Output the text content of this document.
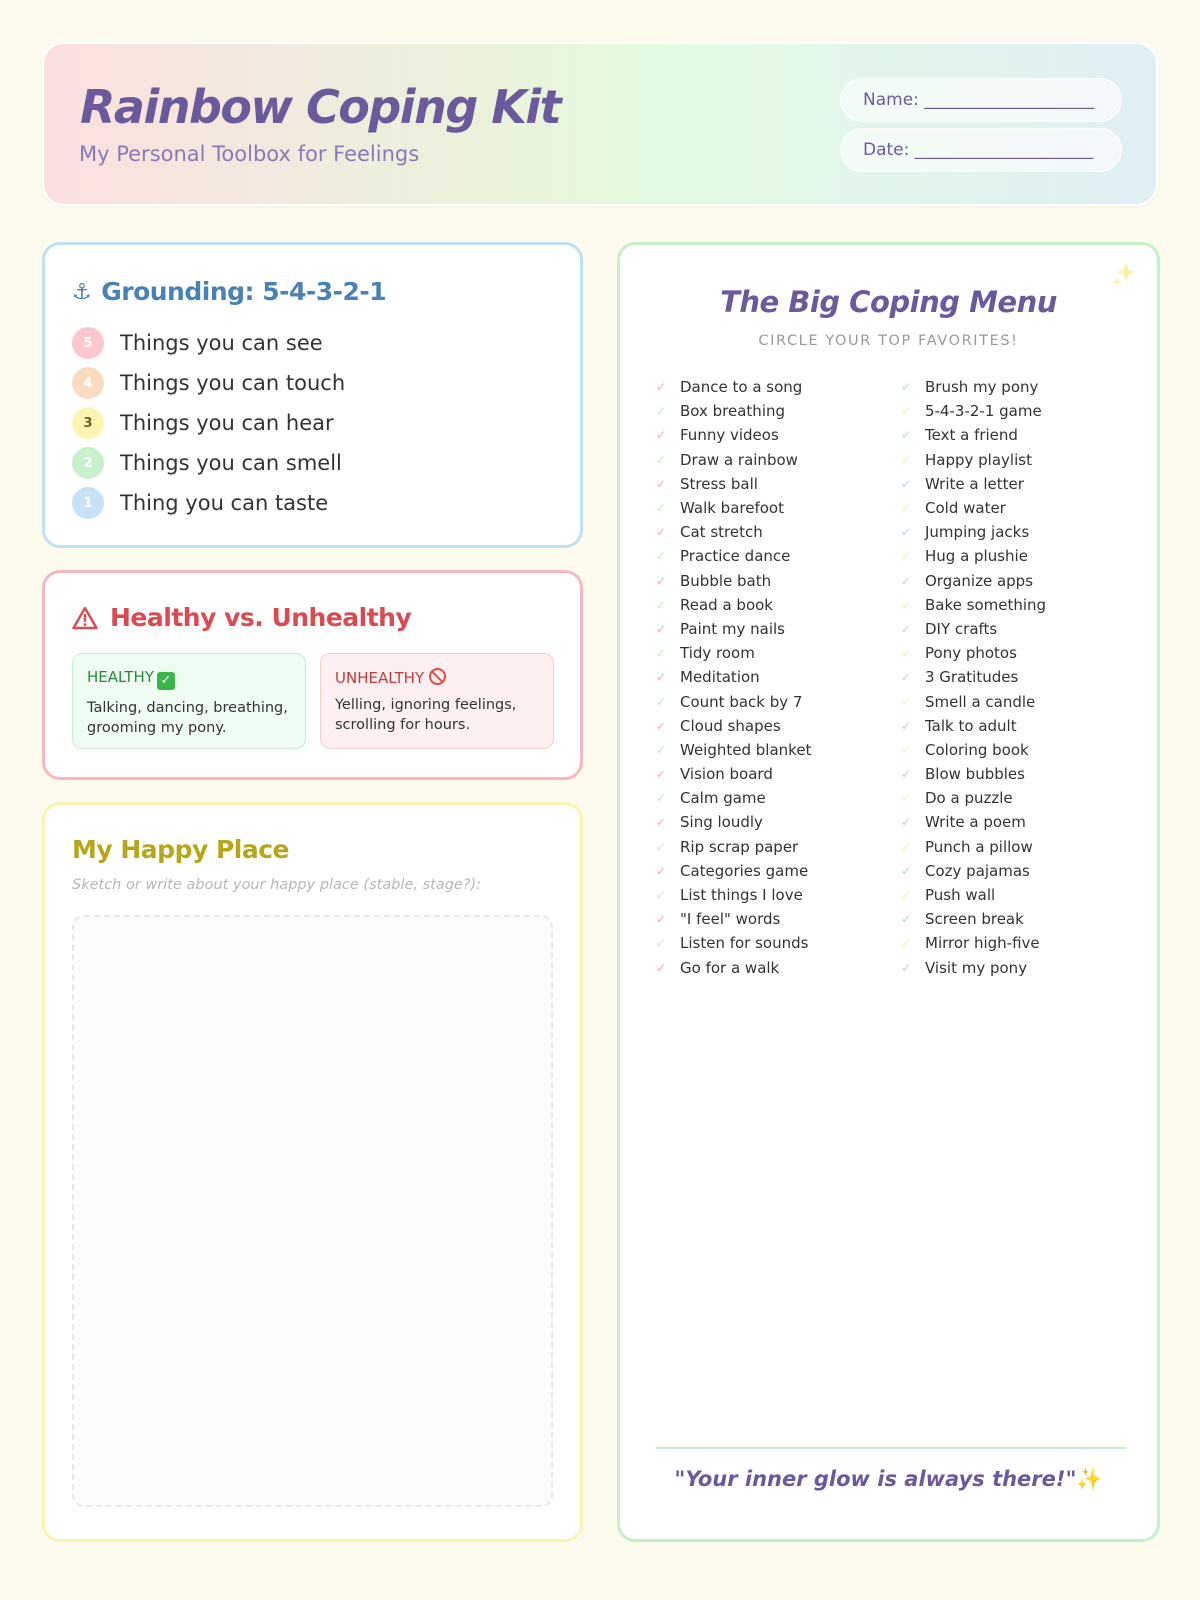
Rainbow Coping Kit
My Personal Toolbox for Feelings
Name: ____________________
Date: _____________________
⚓ Grounding: 5-4-3-2-1
5	Things you can see
4	Things you can touch
3	Things you can hear
2	Things you can smell
1	Thing you can taste
Healthy vs. Unhealthy
HEALTHY ✓
Talking, dancing, breathing, grooming my pony.
UNHEALTHY
Yelling, ignoring feelings, scrolling for hours.
My Happy Place
Sketch or write about your happy place (stable, stage?):
The Big Coping Menu
CIRCLE YOUR TOP FAVORITES!
✓ Dance to a song	✓ Brush my pony
✓ Box breathing	✓ 5-4-3-2-1 game
✓ Funny videos	✓ Text a friend
✓ Draw a rainbow	✓ Happy playlist
✓ Stress ball	✓ Write a letter
✓ Walk barefoot	✓ Cold water
✓ Cat stretch	✓ Jumping jacks
✓ Practice dance	✓ Hug a plushie
✓ Bubble bath	✓ Organize apps
✓ Read a book	✓ Bake something
✓ Paint my nails	✓ DIY crafts
✓ Tidy room	✓ Pony photos
✓ Meditation	✓ 3 Gratitudes
✓ Count back by 7	✓ Smell a candle
✓ Cloud shapes	✓ Talk to adult
✓ Weighted blanket	✓ Coloring book
✓ Vision board	✓ Blow bubbles
✓ Calm game	✓ Do a puzzle
✓ Sing loudly	✓ Write a poem
✓ Rip scrap paper	✓ Punch a pillow
✓ Categories game	✓ Cozy pajamas
✓ List things I love	✓ Push wall
✓ "I feel" words	✓ Screen break
✓ Listen for sounds	✓ Mirror high-five
✓ Go for a walk	✓ Visit my pony
"Your inner glow is always there!"✨
